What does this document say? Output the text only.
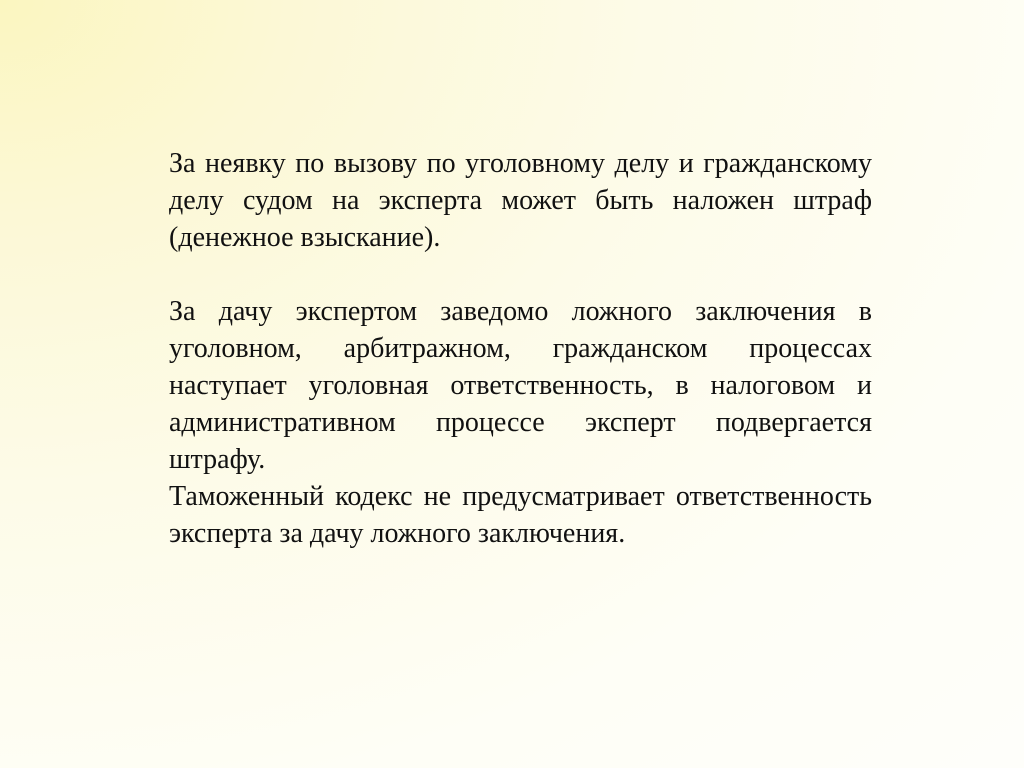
За неявку по вызову по уголовному делу и гражданскому делу судом на эксперта может быть наложен штраф (денежное взыскание).

За дачу экспертом заведомо ложного заключения в уголовном, арбитражном, гражданском процессах наступает уголовная ответственность, в налоговом и административном процессе эксперт подвергается штрафу.

Таможенный кодекс не предусматривает ответственность эксперта за дачу ложного заключения.
